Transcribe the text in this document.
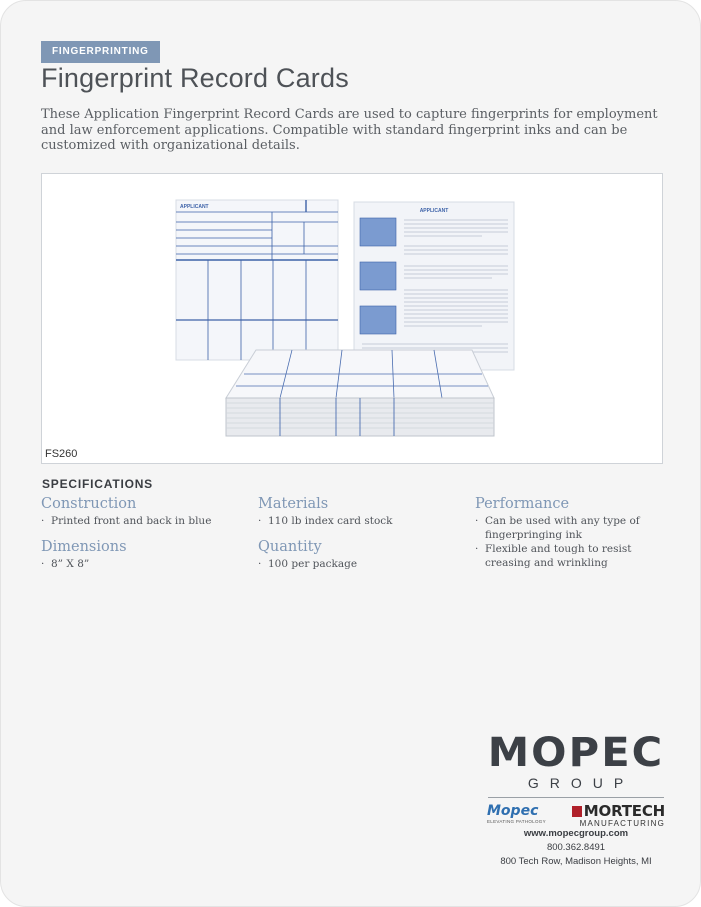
FINGERPRINTING
Fingerprint Record Cards

These Application Fingerprint Record Cards are used to capture fingerprints for employment and law enforcement applications. Compatible with standard fingerprint inks and can be customized with organizational details.

APPLICANT
APPLICANT
FS260
SPECIFICATIONS
Construction
· Printed front and back in blue
Dimensions
· 8” X 8”
Materials
· 110 lb index card stock
Quantity
· 100 per package
Performance
· Can be used with any type of fingerpringing ink
· Flexible and tough to resist creasing and wrinkling
MOPEC
GROUP
Mopec
ELEVATING PATHOLOGY
MORTECH
MANUFACTURING
www.mopecgroup.com
800.362.8491
800 Tech Row, Madison Heights, MI
